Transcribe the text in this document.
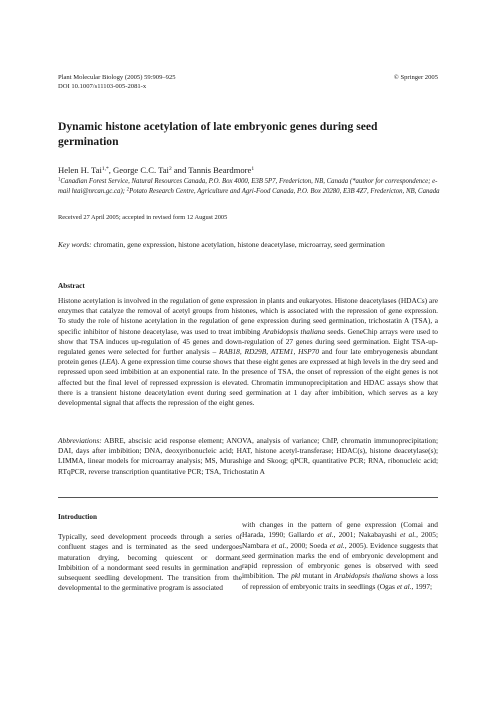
Plant Molecular Biology (2005) 59:909–925
DOI 10.1007/s11103-005-2081-x
© Springer 2005
Dynamic histone acetylation of late embryonic genes during seed germination
Helen H. Tai$^{1,*}$, George C.C. Tai$^2$ and Tannis Beardmore$^1$
$^1$Canadian Forest Service, Natural Resources Canada, P.O. Box 4000, E3B 5P7, Fredericton, NB, Canada (*author for correspondence; e-mail htai@nrcan.gc.ca); $^2$Potato Research Centre, Agriculture and Agri-Food Canada, P.O. Box 20280, E3B 4Z7, Fredericton, NB, Canada
Received 27 April 2005; accepted in revised form 12 August 2005
Key words: chromatin, gene expression, histone acetylation, histone deacetylase, microarray, seed germination
Abstract
Histone acetylation is involved in the regulation of gene expression in plants and eukaryotes. Histone deacetylases (HDACs) are enzymes that catalyze the removal of acetyl groups from histones, which is associated with the repression of gene expression. To study the role of histone acetylation in the regulation of gene expression during seed germination, trichostatin A (TSA), a specific inhibitor of histone deacetylase, was used to treat imbibing Arabidopsis thaliana seeds. GeneChip arrays were used to show that TSA induces up-regulation of 45 genes and down-regulation of 27 genes during seed germination. Eight TSA-up-regulated genes were selected for further analysis – RAB18, RD29B, ATEM1, HSP70 and four late embryogenesis abundant protein genes (LEA). A gene expression time course shows that these eight genes are expressed at high levels in the dry seed and repressed upon seed imbibition at an exponential rate. In the presence of TSA, the onset of repression of the eight genes is not affected but the final level of repressed expression is elevated. Chromatin immunoprecipitation and HDAC assays show that there is a transient histone deacetylation event during seed germination at 1 day after imbibition, which serves as a key developmental signal that affects the repression of the eight genes.
Abbreviations: ABRE, abscisic acid response element; ANOVA, analysis of variance; ChIP, chromatin immunoprecipitation; DAI, days after imbibition; DNA, deoxyribonucleic acid; HAT, histone acetyl-transferase; HDAC(s), histone deacetylase(s); LIMMA, linear models for microarray analysis; MS, Murashige and Skoog; qPCR, quantitative PCR; RNA, ribonucleic acid; RTqPCR, reverse transcription quantitative PCR; TSA, Trichostatin A
Introduction
Typically, seed development proceeds through a series of confluent stages and is terminated as the seed undergoes maturation drying, becoming quiescent or dormant. Imbibition of a nondormant seed results in germination and subsequent seedling development. The transition from the developmental to the germinative program is associated
with changes in the pattern of gene expression (Comai and Harada, 1990; Gallardo et al., 2001; Nakabayashi et al., 2005; Nambara et al., 2000; Soeda et al., 2005). Evidence suggests that seed germination marks the end of embryonic development and rapid repression of embryonic genes is observed with seed imbibition. The pkl mutant in Arabidopsis thaliana shows a loss of repression of embryonic traits in seedlings (Ogas et al., 1997;
